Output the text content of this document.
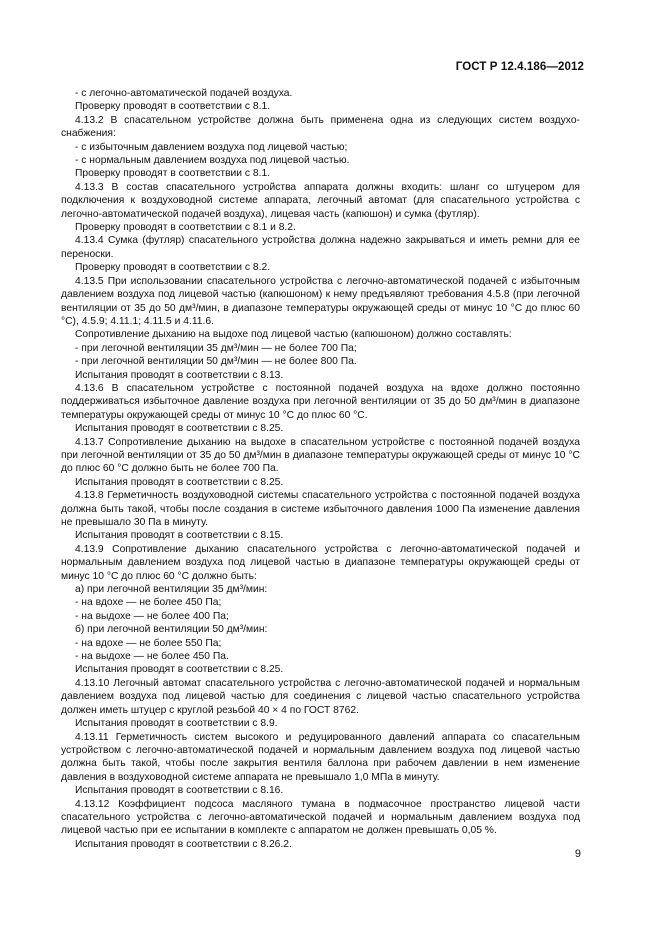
ГОСТ Р 12.4.186—2012

- с легочно-автоматической подачей воздуха.

Проверку проводят в соответствии с 8.1.

4.13.2 В спасательном устройстве должна быть применена одна из следующих систем воздухо-снабжения:

- с избыточным давлением воздуха под лицевой частью;

- с нормальным давлением воздуха под лицевой частью.

Проверку проводят в соответствии с 8.1.

4.13.3 В состав спасательного устройства аппарата должны входить: шланг со штуцером для подключения к воздуховодной системе аппарата, легочный автомат (для спасательного устройства с легочно-автоматической подачей воздуха), лицевая часть (капюшон) и сумка (футляр).

Проверку проводят в соответствии с 8.1 и 8.2.

4.13.4 Сумка (футляр) спасательного устройства должна надежно закрываться и иметь ремни для ее переноски.

Проверку проводят в соответствии с 8.2.

4.13.5 При использовании спасательного устройства с легочно-автоматической подачей с избыточным давлением воздуха под лицевой частью (капюшоном) к нему предъявляют требования 4.5.8 (при легочной вентиляции от 35 до 50 дм³/мин, в диапазоне температуры окружающей среды от минус 10 °С до плюс 60 °С), 4.5.9; 4.11.1; 4.11.5 и 4.11.6.

Сопротивление дыханию на выдохе под лицевой частью (капюшоном) должно составлять:

- при легочной вентиляции 35 дм³/мин — не более 700 Па;

- при легочной вентиляции 50 дм³/мин — не более 800 Па.

Испытания проводят в соответствии с 8.13.

4.13.6 В спасательном устройстве с постоянной подачей воздуха на вдохе должно постоянно поддерживаться избыточное давление воздуха при легочной вентиляции от 35 до 50 дм³/мин в диапазоне температуры окружающей среды от минус 10 °С до плюс 60 °С.

Испытания проводят в соответствии с 8.25.

4.13.7 Сопротивление дыханию на выдохе в спасательном устройстве с постоянной подачей воздуха при легочной вентиляции от 35 до 50 дм³/мин в диапазоне температуры окружающей среды от минус 10 °С до плюс 60 °С должно быть не более 700 Па.

Испытания проводят в соответствии с 8.25.

4.13.8 Герметичность воздуховодной системы спасательного устройства с постоянной подачей воздуха должна быть такой, чтобы после создания в системе избыточного давления 1000 Па изменение давления не превышало 30 Па в минуту.

Испытания проводят в соответствии с 8.15.

4.13.9 Сопротивление дыханию спасательного устройства с легочно-автоматической подачей и нормальным давлением воздуха под лицевой частью в диапазоне температуры окружающей среды от минус 10 °С до плюс 60 °С должно быть:

а) при легочной вентиляции 35 дм³/мин:

- на вдохе — не более 450 Па;

- на выдохе — не более 400 Па;

б) при легочной вентиляции 50 дм³/мин:

- на вдохе — не более 550 Па;

- на выдохе — не более 450 Па.

Испытания проводят в соответствии с 8.25.

4.13.10 Легочный автомат спасательного устройства с легочно-автоматической подачей и нормальным давлением воздуха под лицевой частью для соединения с лицевой частью спасательного устройства должен иметь штуцер с круглой резьбой 40 × 4 по ГОСТ 8762.

Испытания проводят в соответствии с 8.9.

4.13.11 Герметичность систем высокого и редуцированного давлений аппарата со спасательным устройством с легочно-автоматической подачей и нормальным давлением воздуха под лицевой частью должна быть такой, чтобы после закрытия вентиля баллона при рабочем давлении в нем изменение давления в воздуховодной системе аппарата не превышало 1,0 МПа в минуту.

Испытания проводят в соответствии с 8.16.

4.13.12 Коэффициент подсоса масляного тумана в подмасочное пространство лицевой части спасательного устройства с легочно-автоматической подачей и нормальным давлением воздуха под лицевой частью при ее испытании в комплекте с аппаратом не должен превышать 0,05 %.

Испытания проводят в соответствии с 8.26.2.

9
